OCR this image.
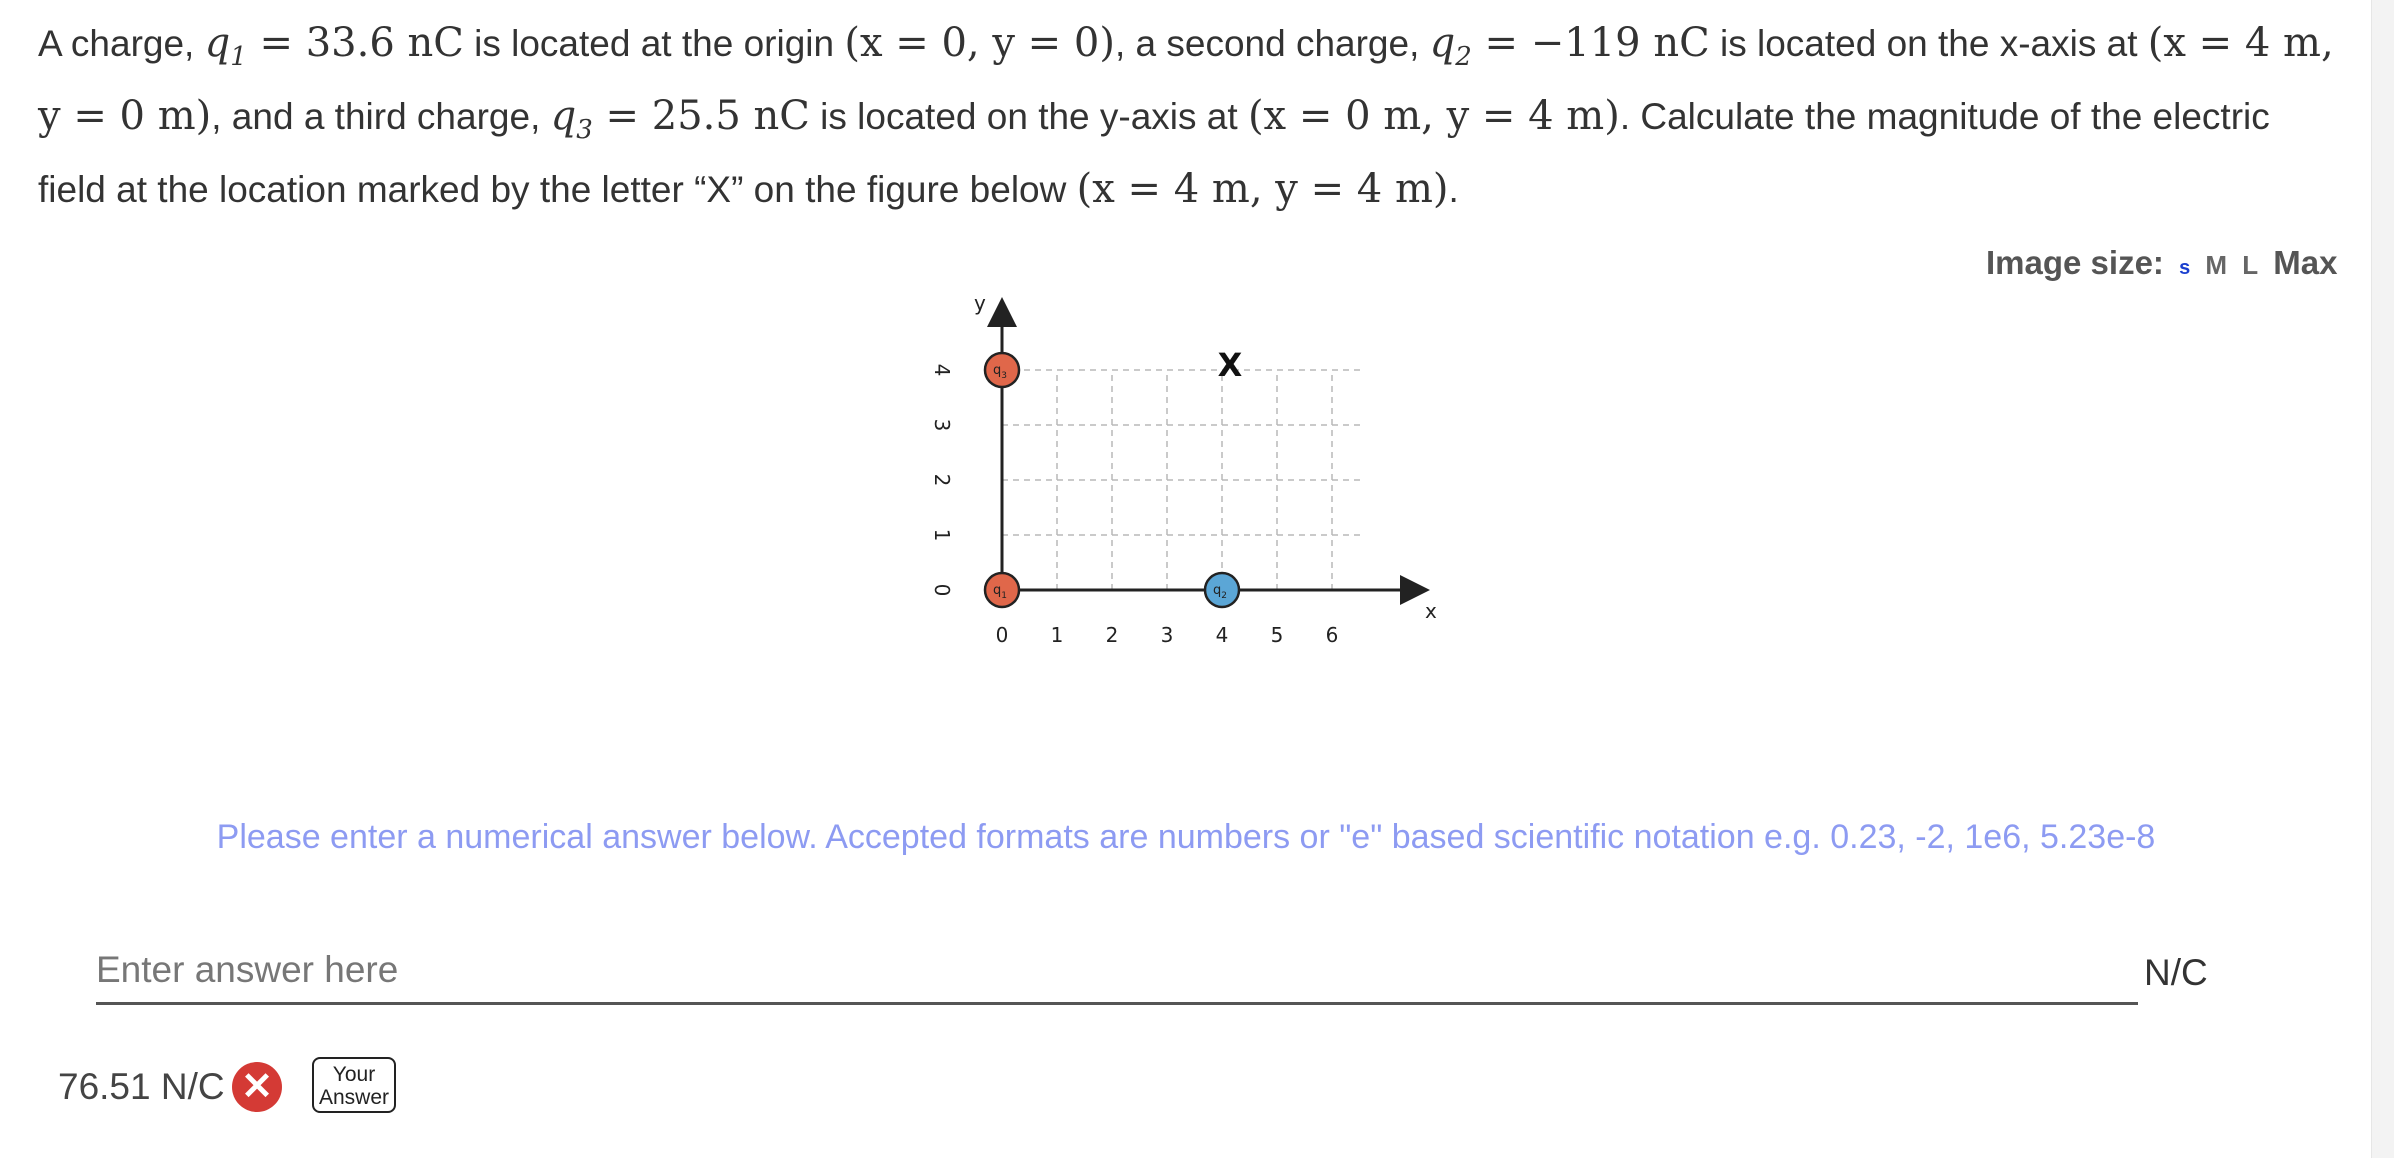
A charge, $q_1 = 33.6$ nC is located at the origin (x = 0, y = 0), a second charge, $q_2 = -119$ nC is located on the x-axis at (x = 4 m, y = 0 m), and a third charge, $q_3 = 25.5$ nC is located on the y-axis at (x = 0 m, y = 4 m). Calculate the magnitude of the electric field at the location marked by the letter “X” on the figure below (x = 4 m, y = 4 m).
Image size: s M L Max
x
y
0 1 2 3 4 5 6
0
1
2
3
4	X
$q_1$	$q_2$
$q_3$
Please enter a numerical answer below. Accepted formats are numbers or "e" based scientific notation e.g. 0.23, -2, 1e6, 5.23e-8
Enter answer here
N/C
76.51 N/C ✕	Your Answer
